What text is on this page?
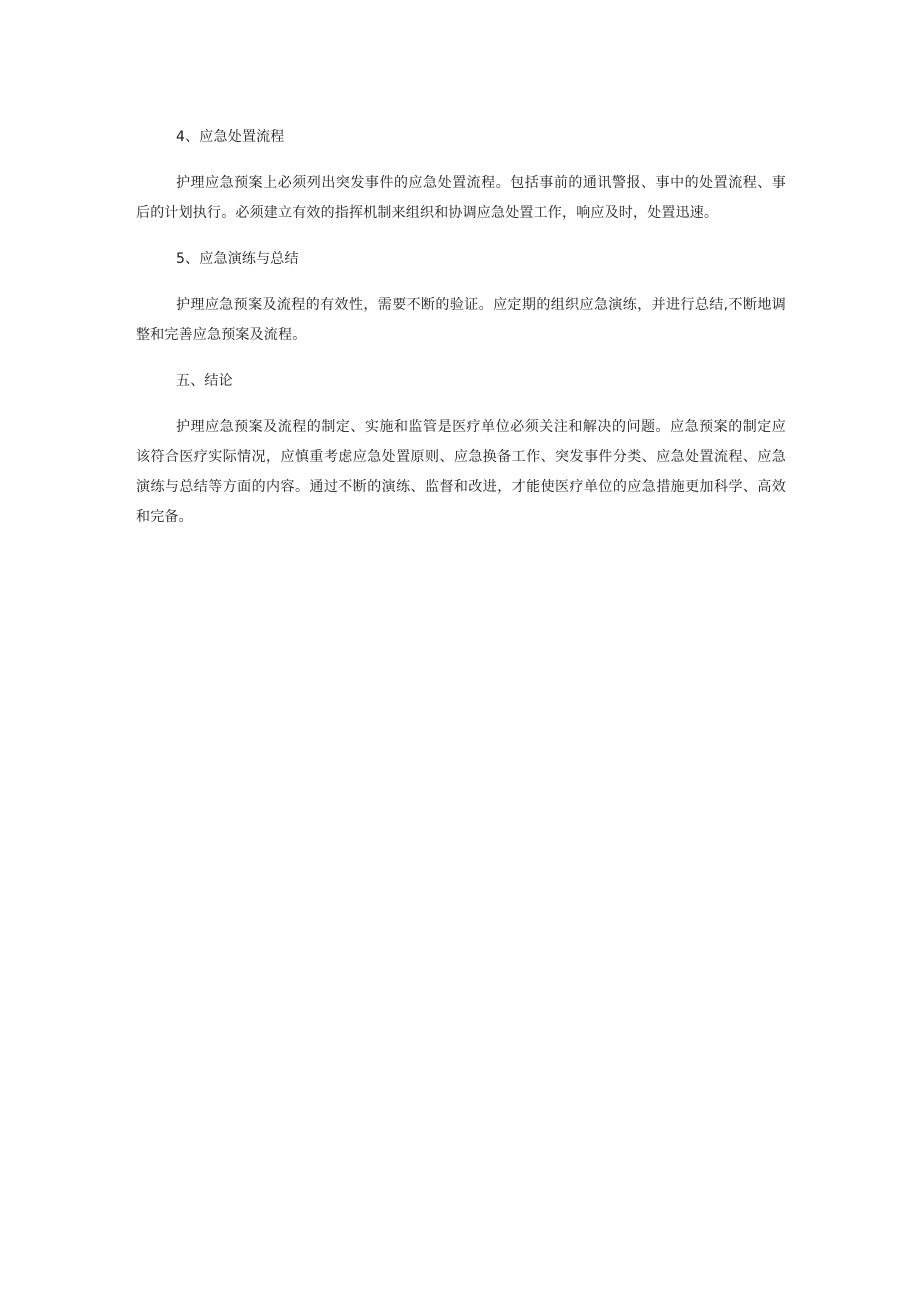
4、应急处置流程

护理应急预案上必须列出突发事件的应急处置流程。包括事前的通讯警报、事中的处置流程、事后的计划执行。必须建立有效的指挥机制来组织和协调应急处置工作，响应及时，处置迅速。

5、应急演练与总结

护理应急预案及流程的有效性，需要不断的验证。应定期的组织应急演练，并进行总结,不断地调整和完善应急预案及流程。

五、结论

护理应急预案及流程的制定、实施和监管是医疗单位必须关注和解决的问题。应急预案的制定应该符合医疗实际情况，应慎重考虑应急处置原则、应急换备工作、突发事件分类、应急处置流程、应急演练与总结等方面的内容。通过不断的演练、监督和改进，才能使医疗单位的应急措施更加科学、高效和完备。
